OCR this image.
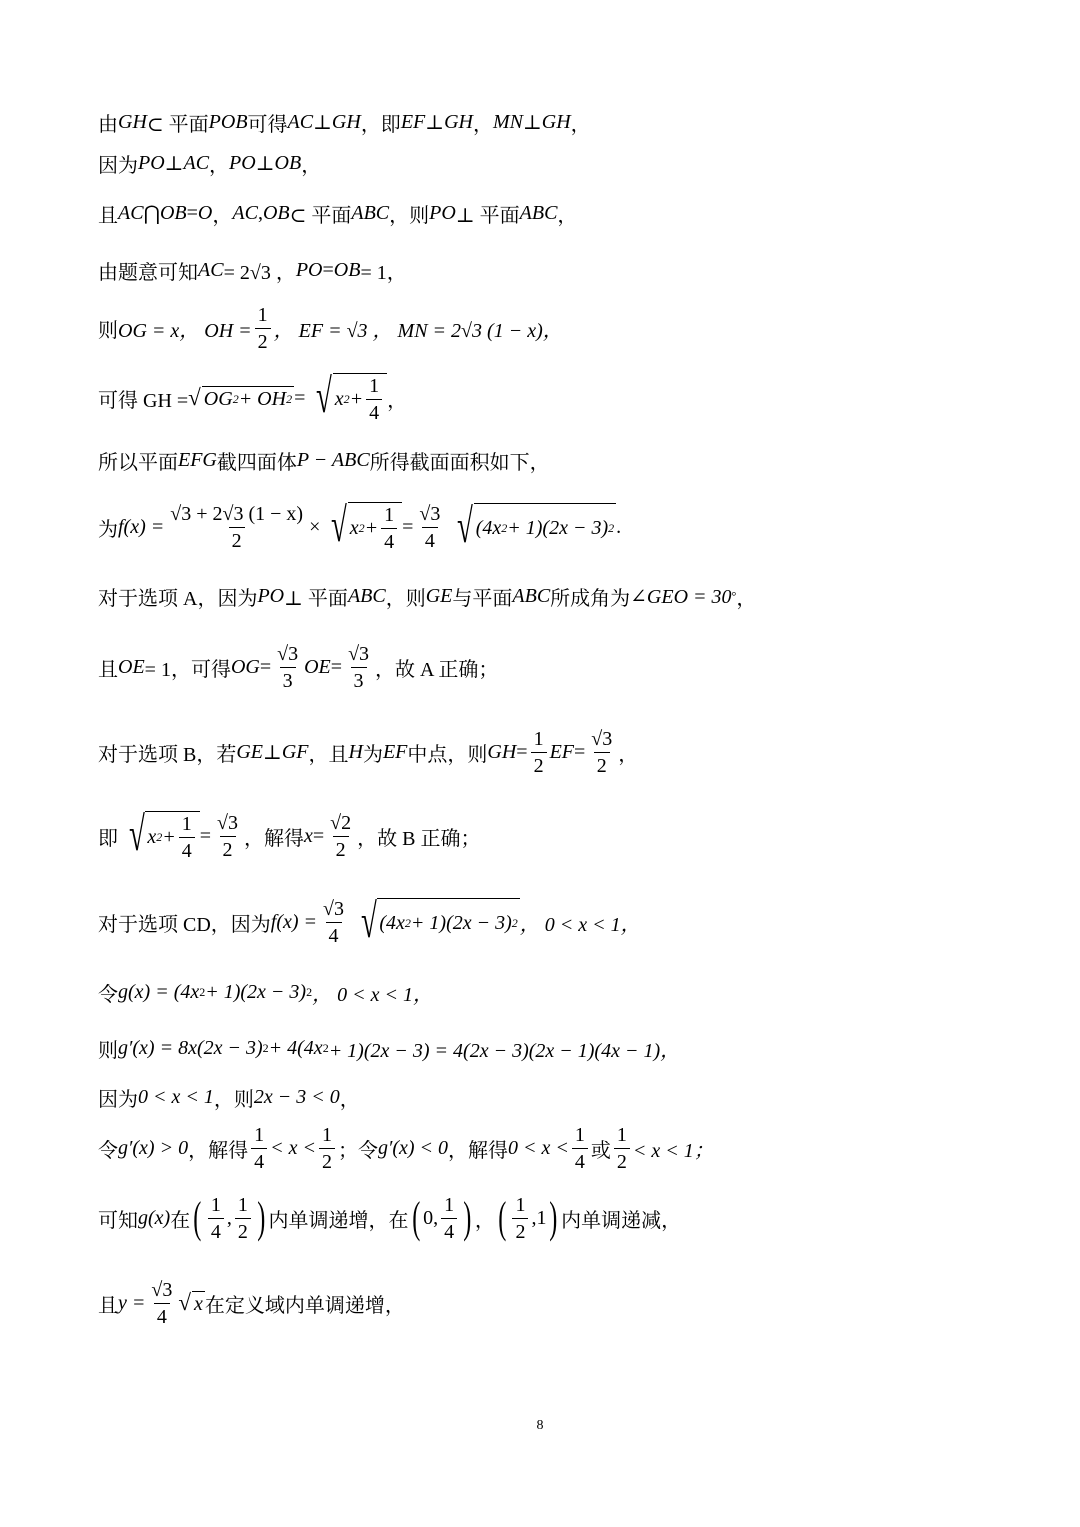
由 GH ⊂ 平面 POB 可得 AC ⊥ GH ，即 EF ⊥ GH ， MN ⊥ GH ，
因为 PO ⊥ AC ， PO ⊥ OB ，
且 AC ⋂ OB = O ， AC , OB ⊂ 平面 ABC ，则 PO ⊥ 平面 ABC ，
由题意可知 AC = 2√3 ， PO = OB = 1，
则 OG = x， OH = $\frac{1}{2}$ ， EF = √3 ， MN = 2√3 (1 − x)，
可得 GH = √ OG 2 + OH 2 = √ x $2 + \frac{1}{4}$ ，
所以平面 EFG 截四面体 P − ABC 所得截面面积如下，
为 $f(x) = \frac{√3 + 2√3 (1 - x)}{2}$ × √ x $2 + \frac{1}{4} = \frac{√3}{4}$ √ (4x 2 + 1)(2x − 3) 2 .
对于选项 A，因为 PO ⊥ 平面 ABC ，则 GE 与平面 ABC 所成角为 ∠GEO = 30 ° ，
且 OE = 1，可得 OG = $\frac{√3}{3}$ OE = $\frac{√3}{3}$ ，故 A 正确；
对于选项 B，若 GE ⊥ GF ，且 H 为 EF 中点，则 GH = $\frac{1}{2}$ EF = $\frac{√3}{2}$ ，
即 √ x $2 + \frac{1}{4} = \frac{√3}{2}$ ，解得 $x = \frac{√2}{2}$ ，故 B 正确；
对于选项 CD，因为 $f(x) = \frac{√3}{4}$ √ (4x 2 + 1)(2x − 3) 2 ， 0 < x < 1，
令 g(x) = (4x 2 + 1)(2x − 3) 2 ， 0 < x < 1，
则 g′(x) = 8x(2x − 3) 2 + 4(4x 2 + 1)(2x − 3) = 4(2x − 3)(2x − 1)(4x − 1)，
因为 0 < x < 1 ，则 2x − 3 < 0 ，
令 g′(x) > 0 ，解得 $\frac{1}{4} < x < \frac{1}{2}$ ；令 g′(x) < 0 ，解得 $0 < x < \frac{1}{4}$ 或 $\frac{1}{2} < x < 1$；
可知 g(x) 在 ( $\frac{1}{4}$ , $\frac{1}{2}$ ) 内单调递增，在 ( 0, $\frac{1}{4}$ ) ， ( $\frac{1}{2} ,1$ ) 内单调递减，
且 $y = \frac{√3}{4}$ √ x 在定义域内单调递增，
8
